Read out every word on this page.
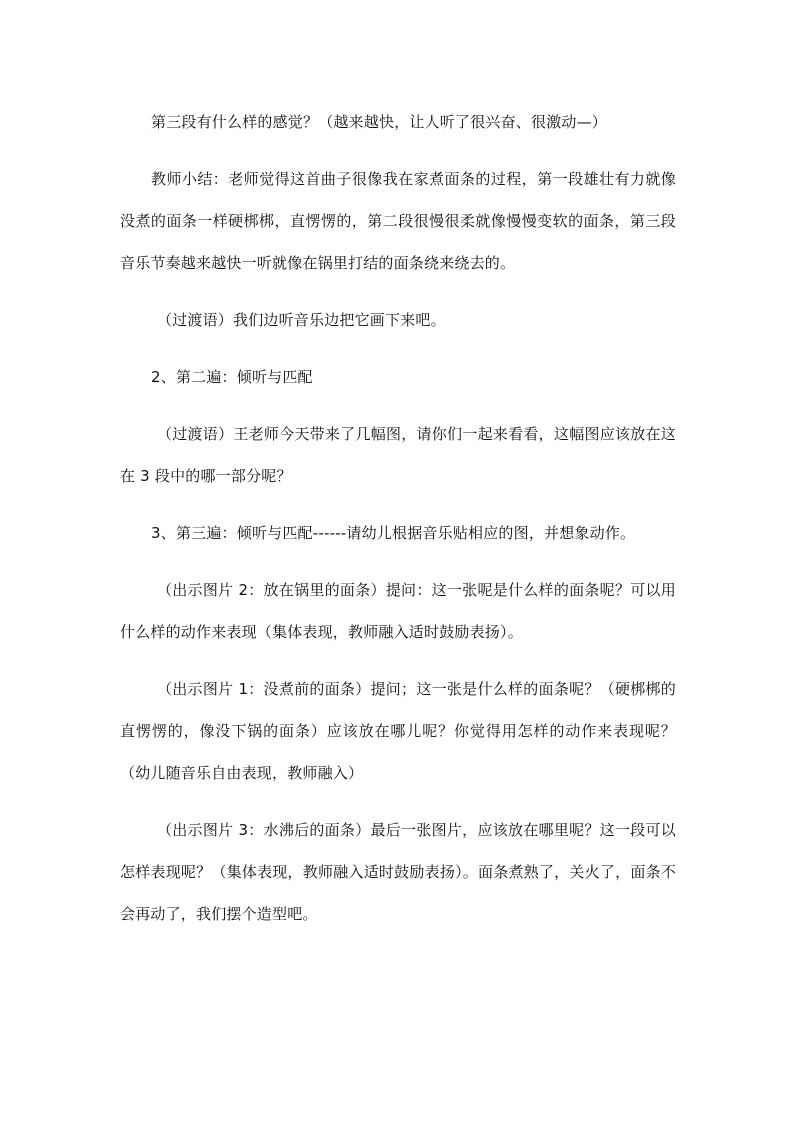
第三段有什么样的感觉？（越来越快，让人听了很兴奋、很激动—）

教师小结：老师觉得这首曲子很像我在家煮面条的过程，第一段雄壮有力就像没煮的面条一样硬梆梆，直愣愣的，第二段很慢很柔就像慢慢变软的面条，第三段音乐节奏越来越快一听就像在锅里打结的面条绕来绕去的。

（过渡语）我们边听音乐边把它画下来吧。

2、第二遍：倾听与匹配

（过渡语）王老师今天带来了几幅图，请你们一起来看看，这幅图应该放在这在 3 段中的哪一部分呢？

3、第三遍：倾听与匹配------请幼儿根据音乐贴相应的图，并想象动作。

（出示图片 2：放在锅里的面条）提问：这一张呢是什么样的面条呢？可以用什么样的动作来表现（集体表现，教师融入适时鼓励表扬）。

（出示图片 1：没煮前的面条）提问；这一张是什么样的面条呢？（硬梆梆的直愣愣的，像没下锅的面条）应该放在哪儿呢？你觉得用怎样的动作来表现呢？（幼儿随音乐自由表现，教师融入）

（出示图片 3：水沸后的面条）最后一张图片，应该放在哪里呢？这一段可以怎样表现呢？（集体表现，教师融入适时鼓励表扬）。面条煮熟了，关火了，面条不会再动了，我们摆个造型吧。
